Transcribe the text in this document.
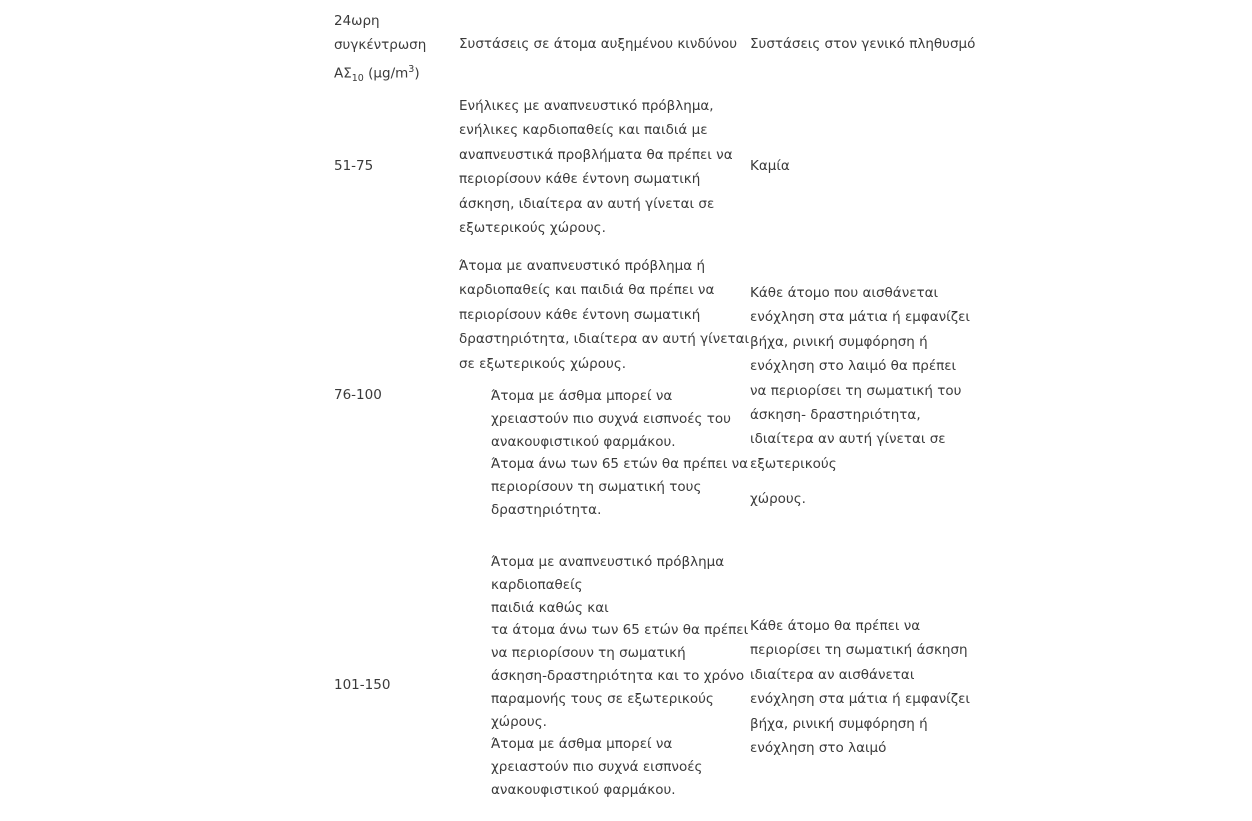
24ωρη
συγκέντρωση
$A\Sigma_{10}$ $(\mu g/m^3)$
Συστάσεις σε άτομα αυξημένου κινδύνου Συστάσεις στον γενικό πληθυσμό
51-75
Ενήλικες με αναπνευστικό πρόβλημα,
ενήλικες καρδιοπαθείς και παιδιά με
αναπνευστικά προβλήματα θα πρέπει να
περιορίσουν κάθε έντονη σωματική
άσκηση, ιδιαίτερα αν αυτή γίνεται σε
εξωτερικούς χώρους.
Καμία
76-100
Άτομα με αναπνευστικό πρόβλημα ή
καρδιοπαθείς και παιδιά θα πρέπει να
περιορίσουν κάθε έντονη σωματική
δραστηριότητα, ιδιαίτερα αν αυτή γίνεται
σε εξωτερικούς χώρους.
Άτομα με άσθμα μπορεί να
χρειαστούν πιο συχνά εισπνοές του
ανακουφιστικού φαρμάκου.
Άτομα άνω των 65 ετών θα πρέπει να
περιορίσουν τη σωματική τους
δραστηριότητα.
Κάθε άτομο που αισθάνεται
ενόχληση στα μάτια ή εμφανίζει
βήχα, ρινική συμφόρηση ή
ενόχληση στο λαιμό θα πρέπει
να περιορίσει τη σωματική του
άσκηση- δραστηριότητα,
ιδιαίτερα αν αυτή γίνεται σε
εξωτερικούς
χώρους.
101-150
Άτομα με αναπνευστικό πρόβλημα
καρδιοπαθείς
παιδιά καθώς και
τα άτομα άνω των 65 ετών θα πρέπει
να περιορίσουν τη σωματική
άσκηση-δραστηριότητα και το χρόνο
παραμονής τους σε εξωτερικούς
χώρους.
Άτομα με άσθμα μπορεί να
χρειαστούν πιο συχνά εισπνοές
ανακουφιστικού φαρμάκου.
Κάθε άτομο θα πρέπει να
περιορίσει τη σωματική άσκηση
ιδιαίτερα αν αισθάνεται
ενόχληση στα μάτια ή εμφανίζει
βήχα, ρινική συμφόρηση ή
ενόχληση στο λαιμό
